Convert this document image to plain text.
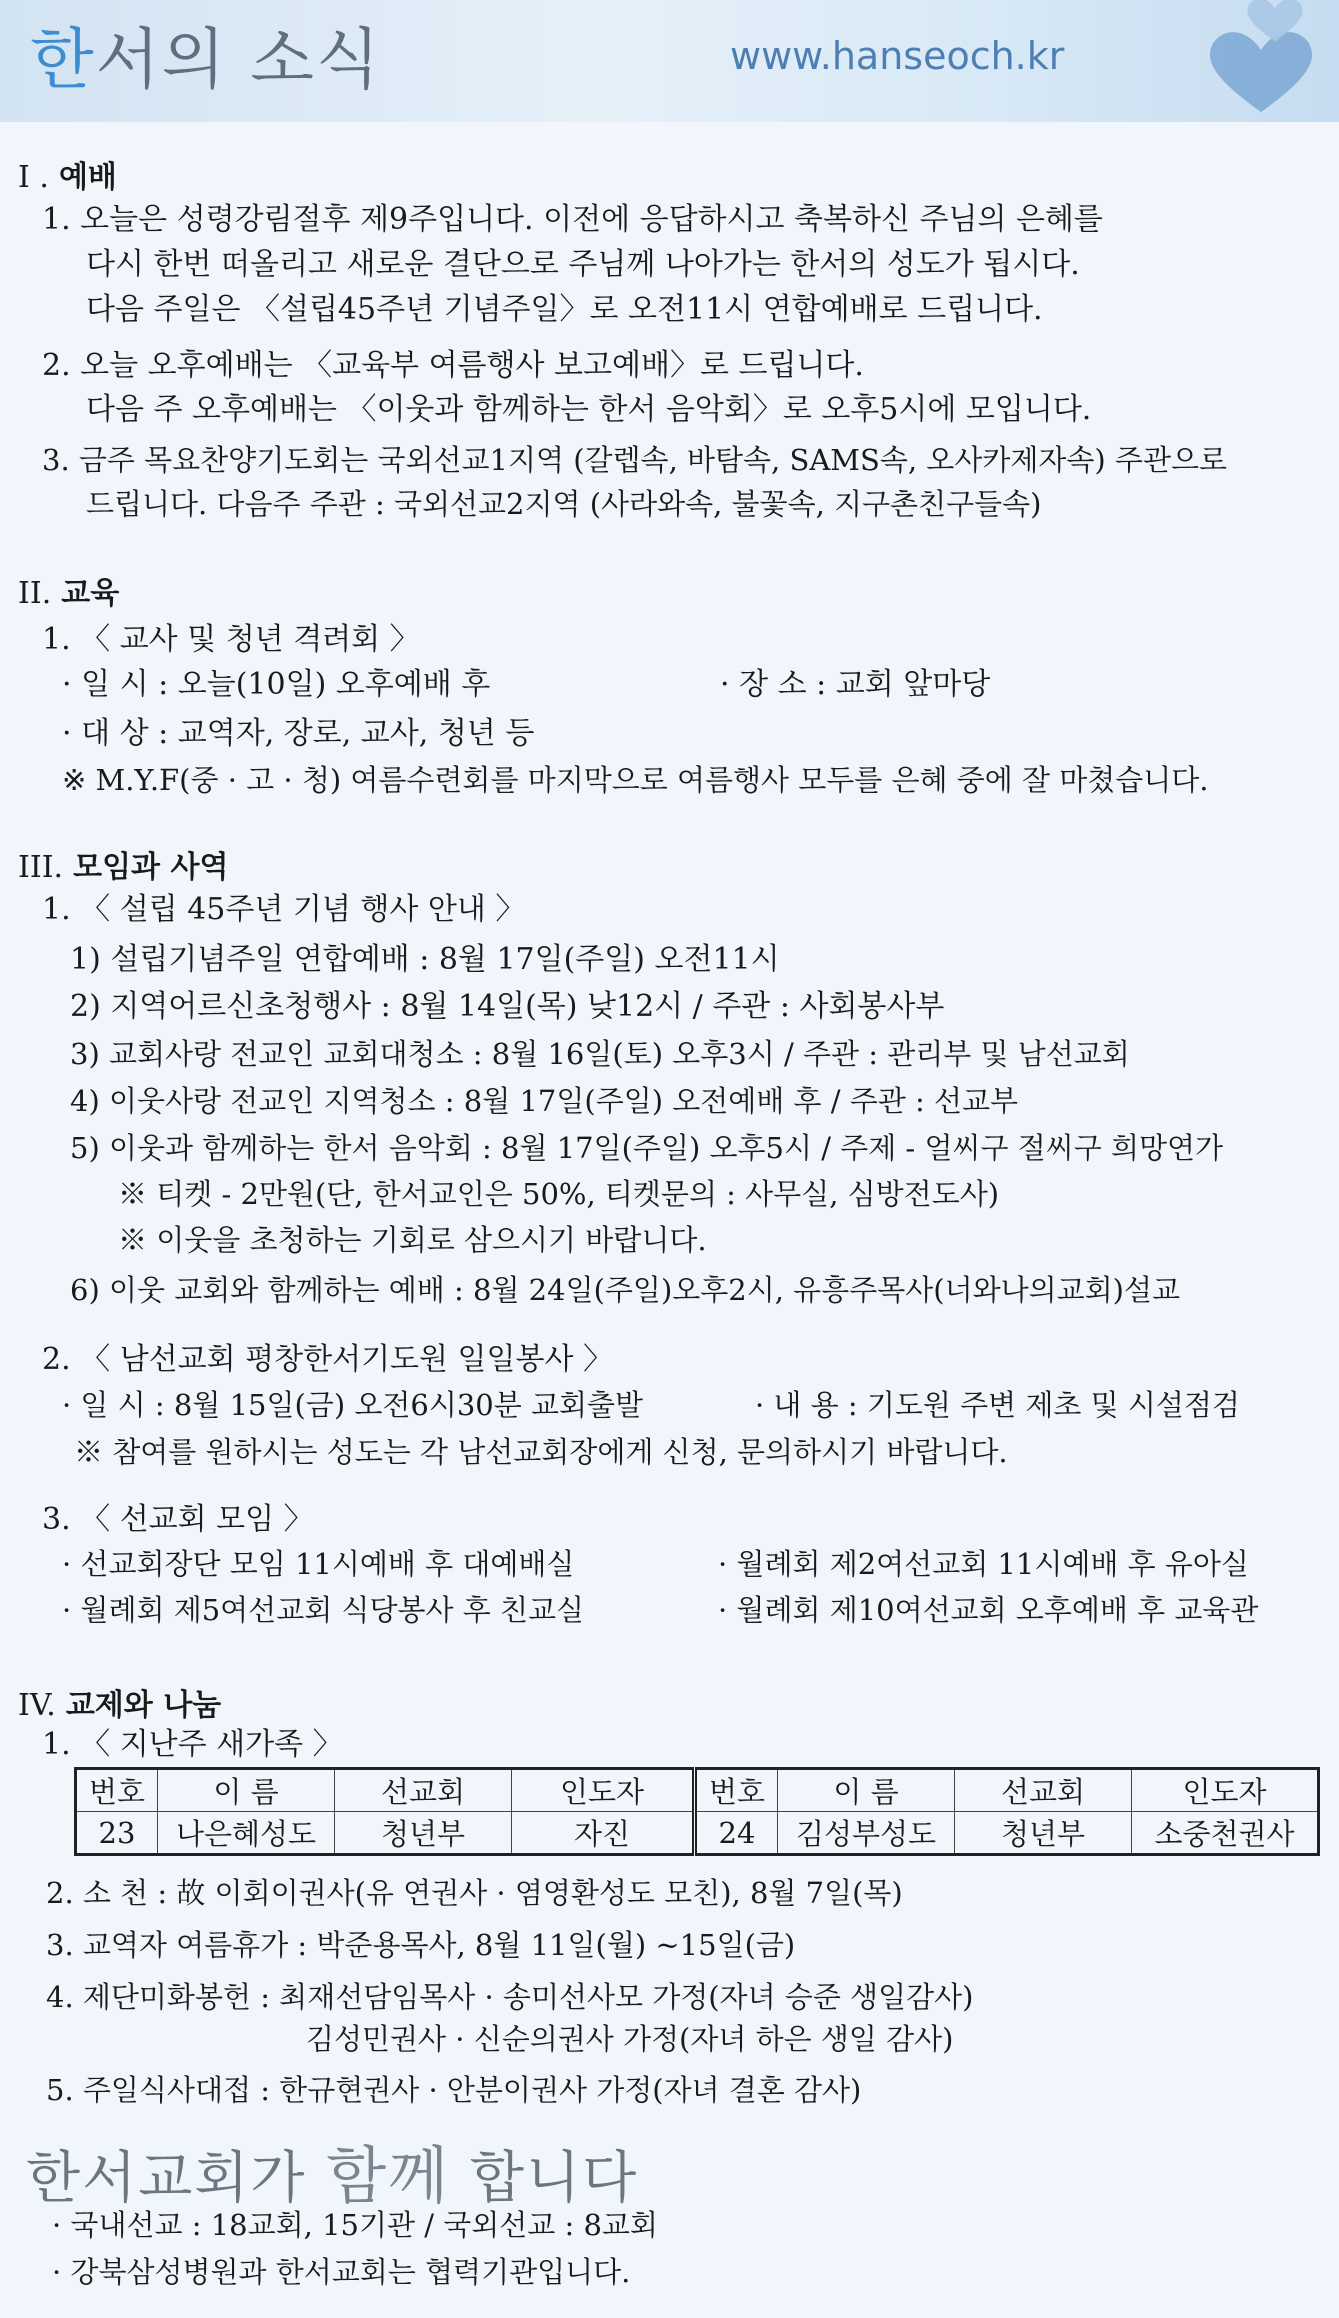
한서의 소식	www.hanseoch.kr
I . 예배
1. 오늘은 성령강림절후 제9주입니다. 이전에 응답하시고 축복하신 주님의 은혜를
다시 한번 떠올리고 새로운 결단으로 주님께 나아가는 한서의 성도가 됩시다.
다음 주일은 〈설립45주년 기념주일〉로 오전11시 연합예배로 드립니다.
2. 오늘 오후예배는 〈교육부 여름행사 보고예배〉로 드립니다.
다음 주 오후예배는 〈이웃과 함께하는 한서 음악회〉로 오후5시에 모입니다.
3. 금주 목요찬양기도회는 국외선교1지역 (갈렙속, 바탐속, SAMS속, 오사카제자속) 주관으로
드립니다. 다음주 주관 : 국외선교2지역 (사라와속, 불꽃속, 지구촌친구들속)
II. 교육
1. 〈 교사 및 청년 격려회 〉
· 일 시 : 오늘(10일) 오후예배 후	· 장 소 : 교회 앞마당
· 대 상 : 교역자, 장로, 교사, 청년 등
※ M.Y.F(중 · 고 · 청) 여름수련회를 마지막으로 여름행사 모두를 은혜 중에 잘 마쳤습니다.
III. 모임과 사역
1. 〈 설립 45주년 기념 행사 안내 〉
1) 설립기념주일 연합예배 : 8월 17일(주일) 오전11시
2) 지역어르신초청행사 : 8월 14일(목) 낮12시 / 주관 : 사회봉사부
3) 교회사랑 전교인 교회대청소 : 8월 16일(토) 오후3시 / 주관 : 관리부 및 남선교회
4) 이웃사랑 전교인 지역청소 : 8월 17일(주일) 오전예배 후 / 주관 : 선교부
5) 이웃과 함께하는 한서 음악회 : 8월 17일(주일) 오후5시 / 주제 - 얼씨구 절씨구 희망연가
※ 티켓 - 2만원(단, 한서교인은 50%, 티켓문의 : 사무실, 심방전도사)
※ 이웃을 초청하는 기회로 삼으시기 바랍니다.
6) 이웃 교회와 함께하는 예배 : 8월 24일(주일)오후2시, 유흥주목사(너와나의교회)설교
2. 〈 남선교회 평창한서기도원 일일봉사 〉
· 일 시 : 8월 15일(금) 오전6시30분 교회출발	· 내 용 : 기도원 주변 제초 및 시설점검
※ 참여를 원하시는 성도는 각 남선교회장에게 신청, 문의하시기 바랍니다.
3. 〈 선교회 모임 〉
· 선교회장단 모임 11시예배 후 대예배실	· 월례회 제2여선교회 11시예배 후 유아실
· 월례회 제5여선교회 식당봉사 후 친교실	· 월례회 제10여선교회 오후예배 후 교육관
IV. 교제와 나눔
1. 〈 지난주 새가족 〉
번호	이 름	선교회	인도자	번호	이 름	선교회	인도자
23	나은혜성도	청년부	자진	24	김성부성도	청년부	소중천권사
2. 소 천 : 故 이회이권사(유 연권사 · 염영환성도 모친), 8월 7일(목)
3. 교역자 여름휴가 : 박준용목사, 8월 11일(월) ~15일(금)
4. 제단미화봉헌 : 최재선담임목사 · 송미선사모 가정(자녀 승준 생일감사)
김성민권사 · 신순의권사 가정(자녀 하은 생일 감사)
5. 주일식사대접 : 한규현권사 · 안분이권사 가정(자녀 결혼 감사)
한서교회가 함께 합니다
· 국내선교 : 18교회, 15기관 / 국외선교 : 8교회
· 강북삼성병원과 한서교회는 협력기관입니다.
